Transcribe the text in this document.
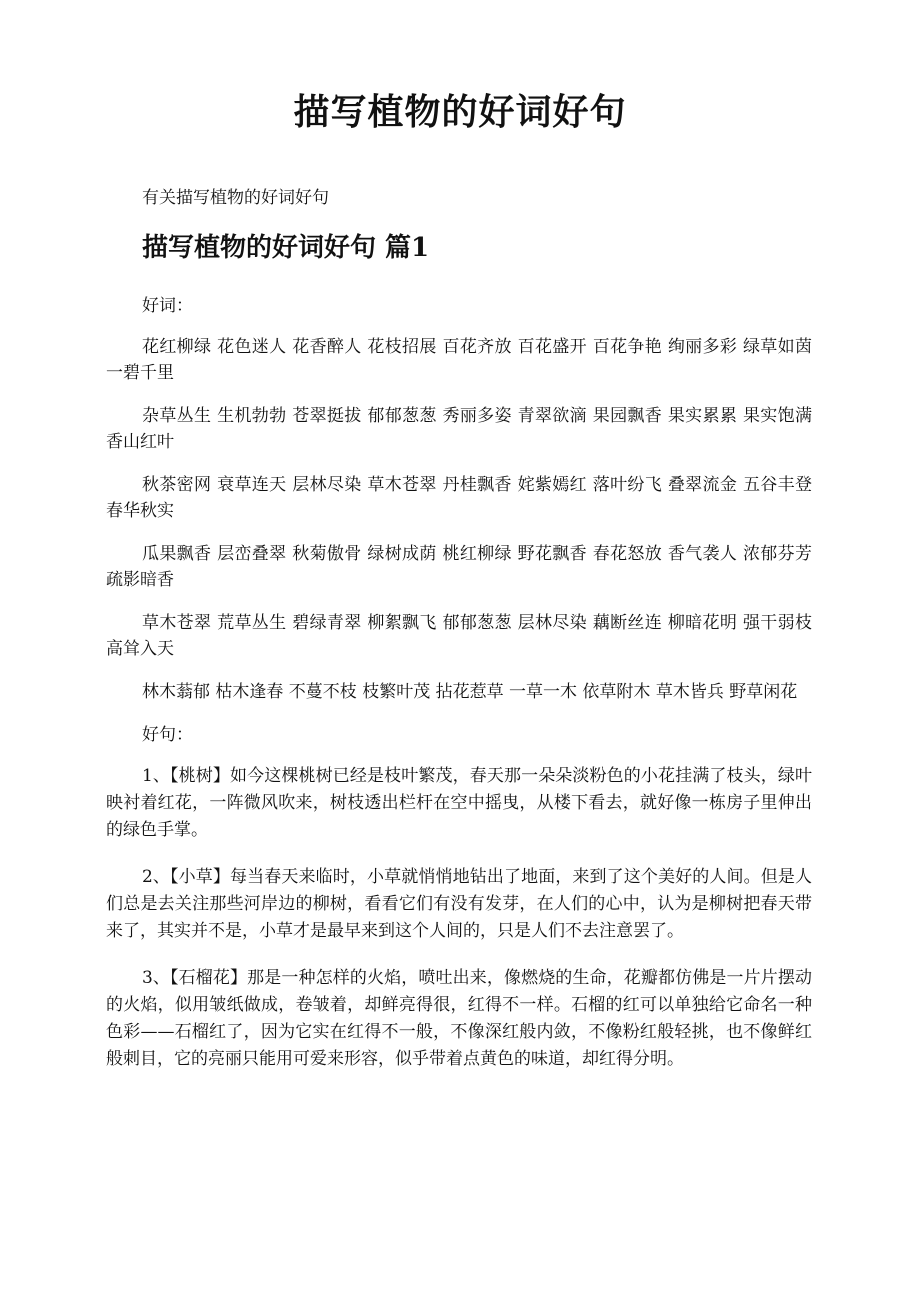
描写植物的好词好句

有关描写植物的好词好句

描写植物的好词好句 篇1

好词：

花红柳绿 花色迷人 花香醉人 花枝招展 百花齐放 百花盛开 百花争艳 绚丽多彩 绿草如茵 一碧千里

杂草丛生 生机勃勃 苍翠挺拔 郁郁葱葱 秀丽多姿 青翠欲滴 果园飘香 果实累累 果实饱满 香山红叶

秋茶密网 衰草连天 层林尽染 草木苍翠 丹桂飘香 姹紫嫣红 落叶纷飞 叠翠流金 五谷丰登 春华秋实

瓜果飘香 层峦叠翠 秋菊傲骨 绿树成荫 桃红柳绿 野花飘香 春花怒放 香气袭人 浓郁芬芳 疏影暗香

草木苍翠 荒草丛生 碧绿青翠 柳絮飘飞 郁郁葱葱 层林尽染 藕断丝连 柳暗花明 强干弱枝 高耸入天

林木蓊郁 枯木逢春 不蔓不枝 枝繁叶茂 拈花惹草 一草一木 依草附木 草木皆兵 野草闲花

好句：

1、【桃树】如今这棵桃树已经是枝叶繁茂，春天那一朵朵淡粉色的小花挂满了枝头，绿叶映衬着红花，一阵微风吹来，树枝透出栏杆在空中摇曳，从楼下看去，就好像一栋房子里伸出的绿色手掌。

2、【小草】每当春天来临时，小草就悄悄地钻出了地面，来到了这个美好的人间。但是人们总是去关注那些河岸边的柳树，看看它们有没有发芽，在人们的心中，认为是柳树把春天带来了，其实并不是，小草才是最早来到这个人间的，只是人们不去注意罢了。

3、【石榴花】那是一种怎样的火焰，喷吐出来，像燃烧的生命，花瓣都仿佛是一片片摆动的火焰，似用皱纸做成，卷皱着，却鲜亮得很，红得不一样。石榴的红可以单独给它命名一种色彩——石榴红了，因为它实在红得不一般，不像深红般内敛，不像粉红般轻挑，也不像鲜红般刺目，它的亮丽只能用可爱来形容，似乎带着点黄色的味道，却红得分明。
